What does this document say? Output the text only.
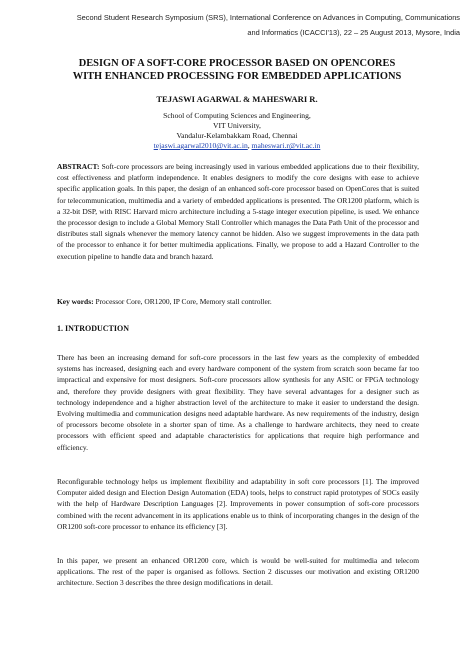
Second Student Research Symposium (SRS), International Conference on Advances in Computing, Communications
and Informatics (ICACCI'13), 22 – 25 August 2013, Mysore, India
DESIGN OF A SOFT-CORE PROCESSOR BASED ON OPENCORES
WITH ENHANCED PROCESSING FOR EMBEDDED APPLICATIONS
TEJASWI AGARWAL & MAHESWARI R.
School of Computing Sciences and Engineering,
VIT University,
Vandalur-Kelambakkam Road, Chennai
tejaswi.agarwal2010@vit.ac.in, maheswari.r@vit.ac.in
ABSTRACT: Soft-core processors are being increasingly used in various embedded applications due to their flexibility, cost effectiveness and platform independence. It enables designers to modify the core designs with ease to achieve specific application goals. In this paper, the design of an enhanced soft-core processor based on OpenCores that is suited for telecommunication, multimedia and a variety of embedded applications is presented. The OR1200 platform, which is a 32-bit DSP, with RISC Harvard micro architecture including a 5-stage integer execution pipeline, is used. We enhance the processor design to include a Global Memory Stall Controller which manages the Data Path Unit of the processor and distributes stall signals whenever the memory latency cannot be hidden. Also we suggest improvements in the data path of the processor to enhance it for better multimedia applications. Finally, we propose to add a Hazard Controller to the execution pipeline to handle data and branch hazard.
Key words: Processor Core, OR1200, IP Core, Memory stall controller.
1. INTRODUCTION
There has been an increasing demand for soft-core processors in the last few years as the complexity of embedded systems has increased, designing each and every hardware component of the system from scratch soon became far too impractical and expensive for most designers. Soft-core processors allow synthesis for any ASIC or FPGA technology and, therefore they provide designers with great flexibility. They have several advantages for a designer such as technology independence and a higher abstraction level of the architecture to make it easier to understand the design. Evolving multimedia and communication designs need adaptable hardware. As new requirements of the industry, design of processors become obsolete in a shorter span of time. As a challenge to hardware architects, they need to create processors with efficient speed and adaptable characteristics for applications that require high performance and efficiency.
Reconfigurable technology helps us implement flexibility and adaptability in soft core processors [1]. The improved Computer aided design and Election Design Automation (EDA) tools, helps to construct rapid prototypes of SOCs easily with the help of Hardware Description Languages [2]. Improvements in power consumption of soft-core processors combined with the recent advancement in its applications enable us to think of incorporating changes in the design of the OR1200 soft-core processor to enhance its efficiency [3].
In this paper, we present an enhanced OR1200 core, which is would be well-suited for multimedia and telecom applications. The rest of the paper is organised as follows. Section 2 discusses our motivation and existing OR1200 architecture. Section 3 describes the three design modifications in detail.
